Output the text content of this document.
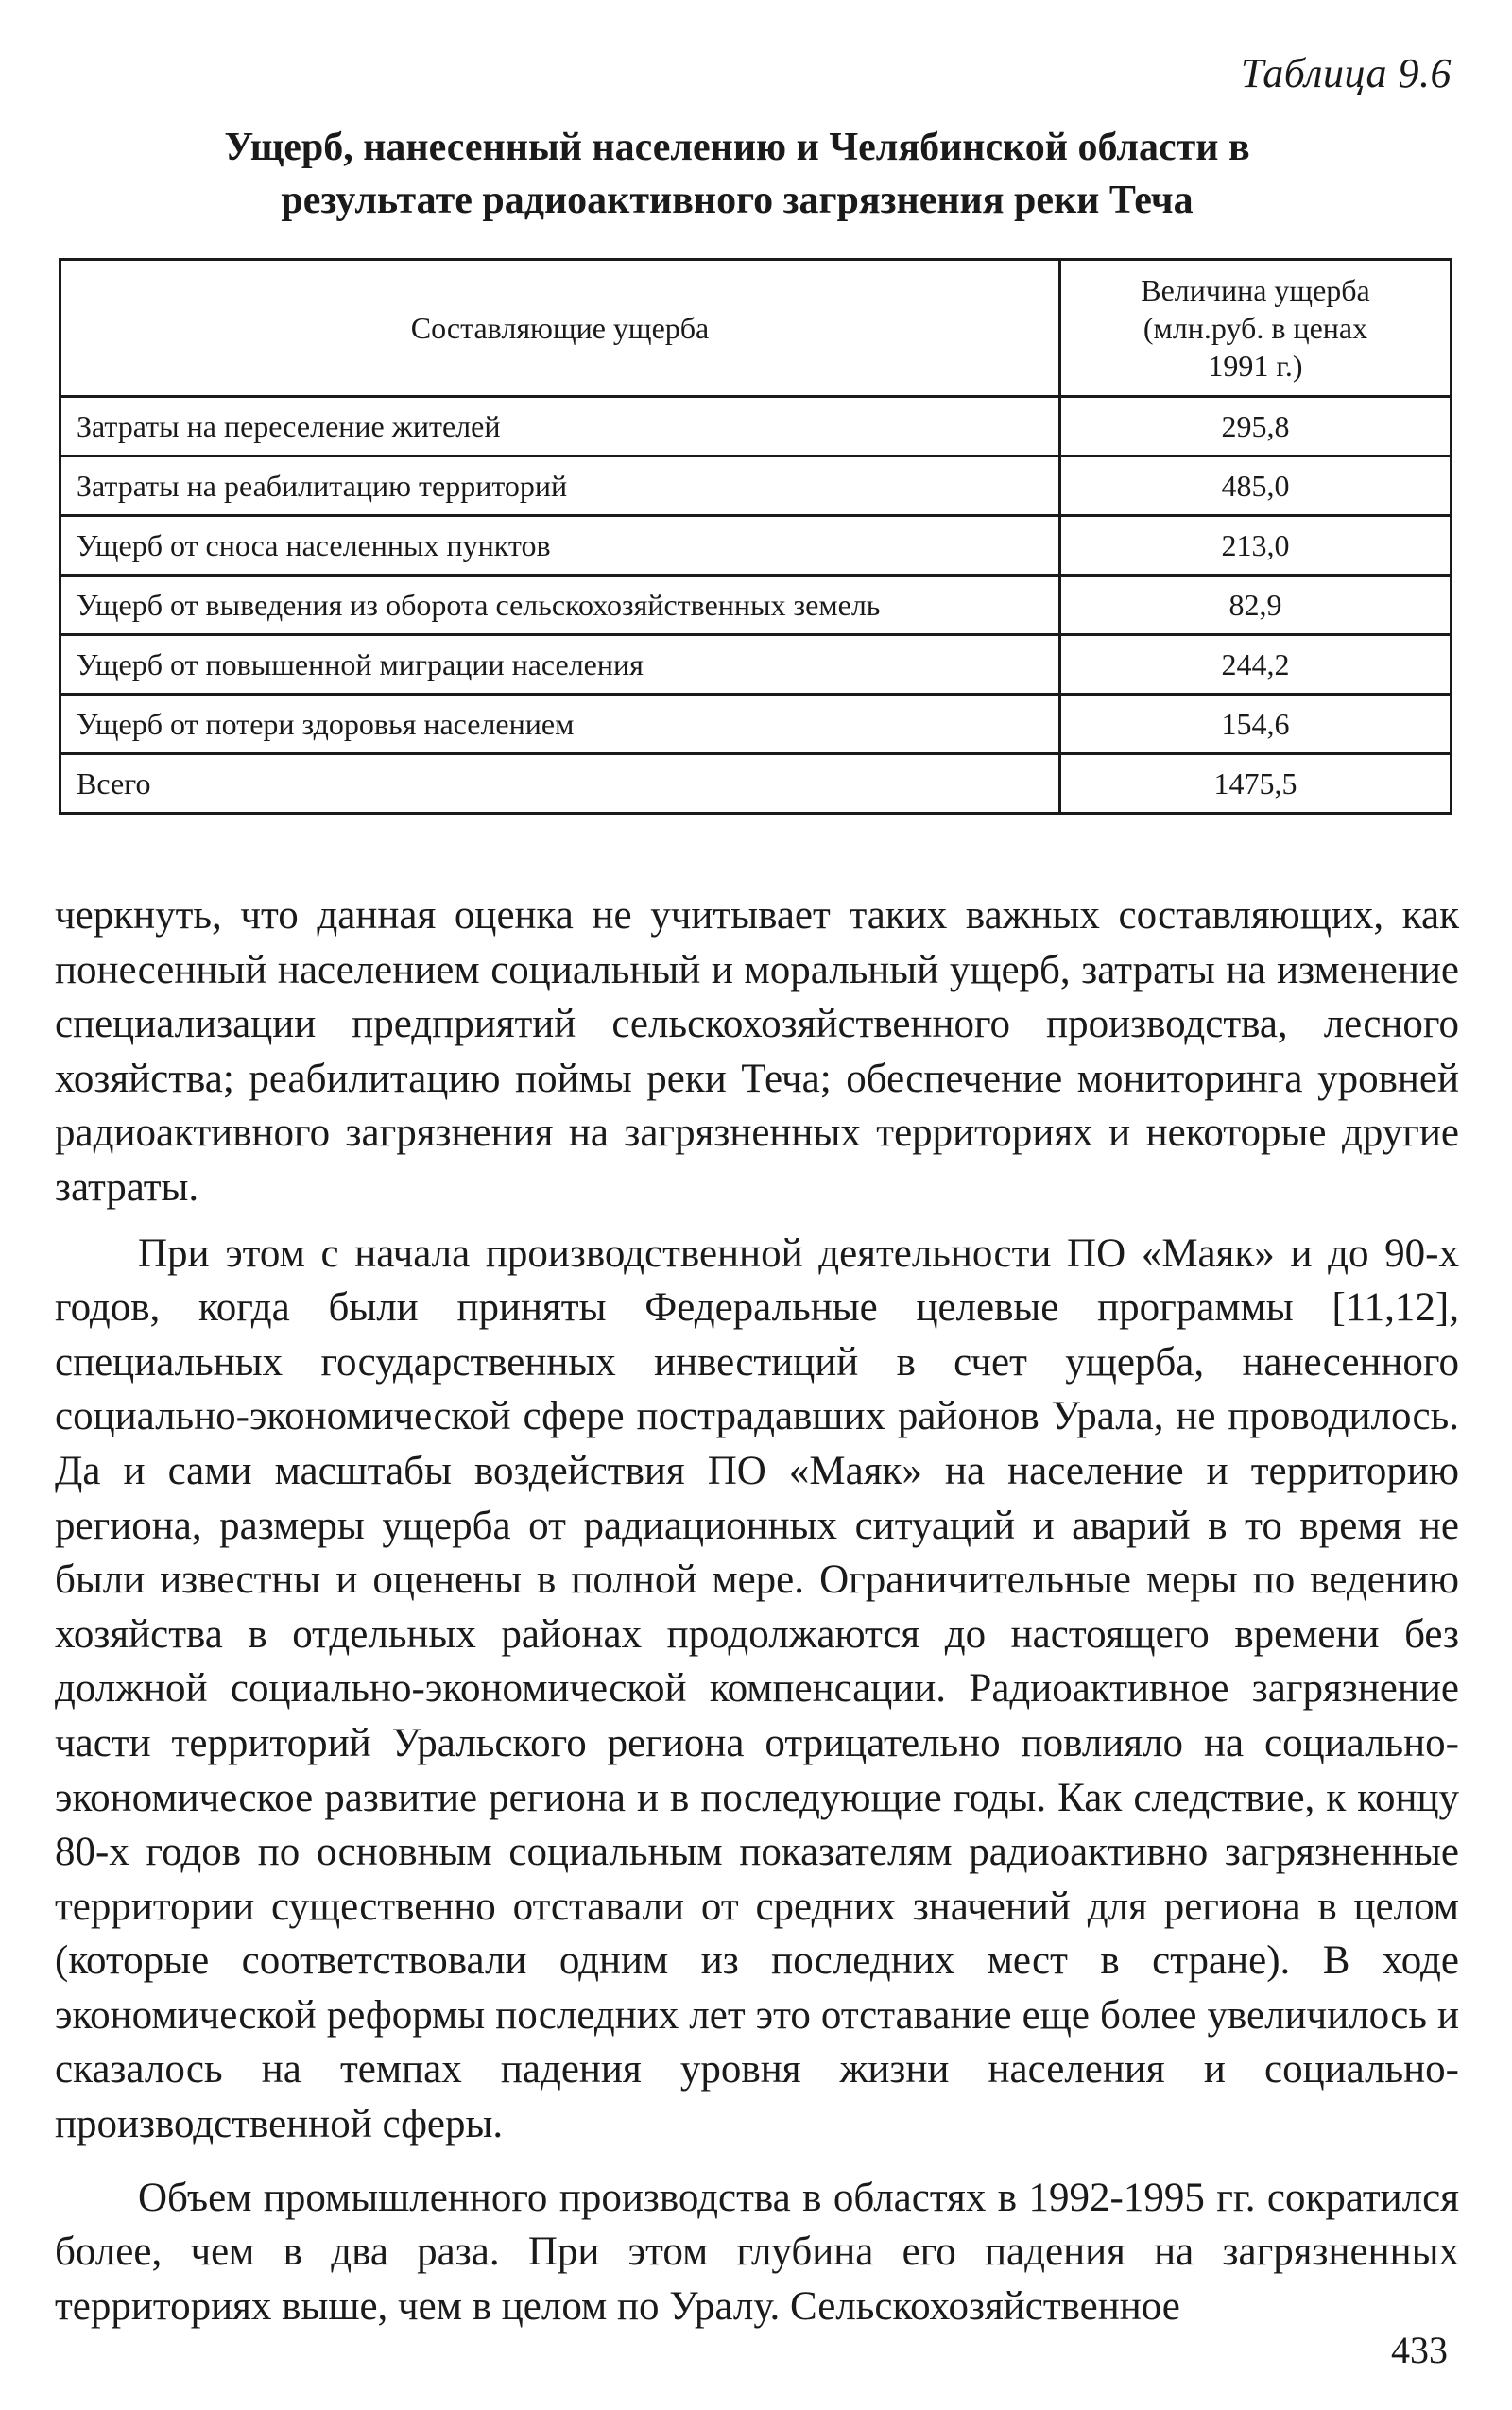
Таблица 9.6
Ущерб, нанесенный населению и Челябинской области в
результате радиоактивного загрязнения реки Теча
Составляющие ущерба	Величина ущерба
(млн.руб. в ценах
1991 г.)

Затраты на переселение жителей	295,8
Затраты на реабилитацию территорий	485,0
Ущерб от сноса населенных пунктов	213,0
Ущерб от выведения из оборота сельскохозяйственных земель	82,9
Ущерб от повышенной миграции населения	244,2
Ущерб от потери здоровья населением	154,6
Всего	1475,5

черкнуть, что данная оценка не учитывает таких важных составляющих, как понесенный населением социальный и моральный ущерб, затраты на изменение специализации предприятий сельскохозяйственного производства, лесного хозяйства; реабилитацию поймы реки Теча; обеспечение мониторинга уровней радиоактивного загрязнения на загрязненных территориях и некоторые другие затраты.

При этом с начала производственной деятельности ПО «Маяк» и до 90-х годов, когда были приняты Федеральные целевые программы [11,12], специальных государственных инвестиций в счет ущерба, нанесенного социально-экономической сфере пострадавших районов Урала, не проводилось. Да и сами масштабы воздействия ПО «Маяк» на население и территорию региона, размеры ущерба от радиационных ситуаций и аварий в то время не были известны и оценены в полной мере. Ограничительные меры по ведению хозяйства в отдельных районах продолжаются до настоящего времени без должной социально-экономической компенсации. Радиоактивное загрязнение части территорий Уральского региона отрицательно повлияло на социально-экономическое развитие региона и в последующие годы. Как следствие, к концу 80-х годов по основным социальным показателям радиоактивно загрязненные территории существенно отставали от средних значений для региона в целом (которые соответствовали одним из последних мест в стране). В ходе экономической реформы последних лет это отставание еще более увеличилось и сказалось на темпах падения уровня жизни населения и социально-производственной сферы.

Объем промышленного производства в областях в 1992-1995 гг. сократился более, чем в два раза. При этом глубина его падения на загрязненных территориях выше, чем в целом по Уралу. Сельскохозяйственное

433
